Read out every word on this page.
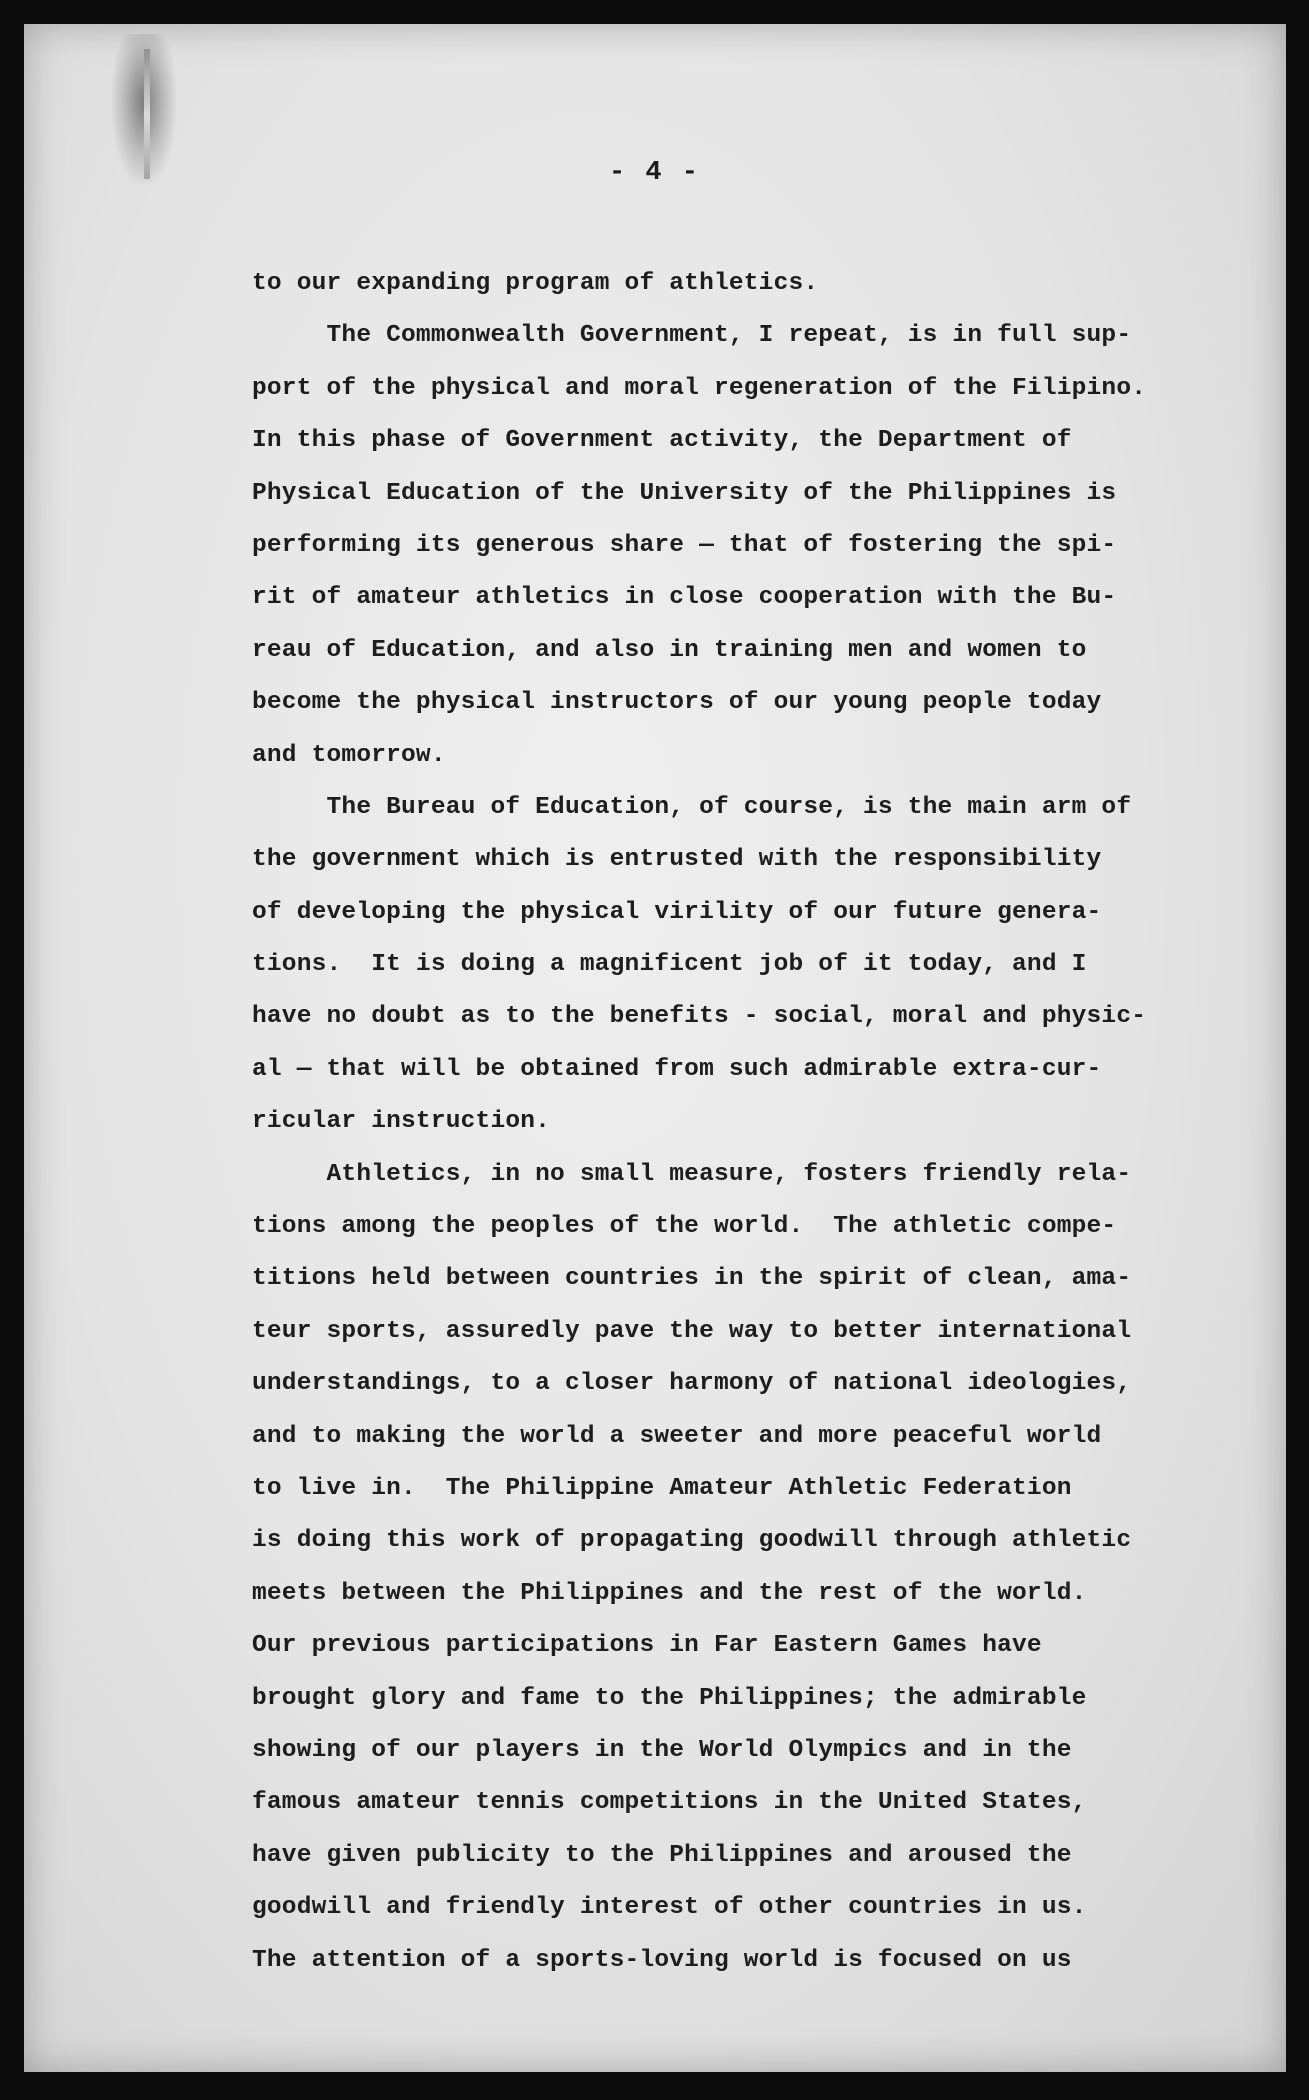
- 4 -
to our expanding program of athletics.
The Commonwealth Government, I repeat, is in full sup-
port of the physical and moral regeneration of the Filipino.
In this phase of Government activity, the Department of
Physical Education of the University of the Philippines is
performing its generous share — that of fostering the spi-
rit of amateur athletics in close cooperation with the Bu-
reau of Education, and also in training men and women to
become the physical instructors of our young people today
and tomorrow.
The Bureau of Education, of course, is the main arm of
the government which is entrusted with the responsibility
of developing the physical virility of our future genera-
tions.  It is doing a magnificent job of it today, and I
have no doubt as to the benefits - social, moral and physic-
al — that will be obtained from such admirable extra-cur-
ricular instruction.
Athletics, in no small measure, fosters friendly rela-
tions among the peoples of the world.  The athletic compe-
titions held between countries in the spirit of clean, ama-
teur sports, assuredly pave the way to better international
understandings, to a closer harmony of national ideologies,
and to making the world a sweeter and more peaceful world
to live in.  The Philippine Amateur Athletic Federation
is doing this work of propagating goodwill through athletic
meets between the Philippines and the rest of the world.
Our previous participations in Far Eastern Games have
brought glory and fame to the Philippines; the admirable
showing of our players in the World Olympics and in the
famous amateur tennis competitions in the United States,
have given publicity to the Philippines and aroused the
goodwill and friendly interest of other countries in us.
The attention of a sports-loving world is focused on us
